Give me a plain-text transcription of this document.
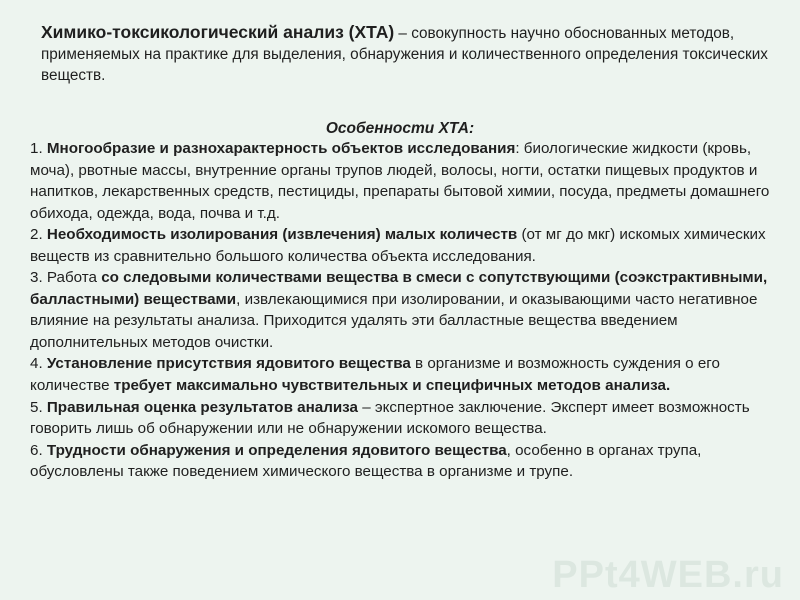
Химико-токсикологический анализ (ХТА) – совокупность научно обоснованных методов, применяемых на практике для выделения, обнаружения и количественного определения токсических веществ.
Особенности ХТА:

1. Многообразие и разнохарактерность объектов исследования: биологические жидкости (кровь, моча), рвотные массы, внутренние органы трупов людей, волосы, ногти, остатки пищевых продуктов и напитков, лекарственных средств, пестициды, препараты бытовой химии, посуда, предметы домашнего обихода, одежда, вода, почва и т.д.

2. Необходимость изолирования (извлечения) малых количеств (от мг до мкг) искомых химических веществ из сравнительно большого количества объекта исследования.

3. Работа со следовыми количествами вещества в смеси с сопутствующими (соэкстрактивными, балластными) веществами, извлекающимися при изолировании, и оказывающими часто негативное влияние на результаты анализа. Приходится удалять эти балластные вещества введением дополнительных методов очистки.

4. Установление присутствия ядовитого вещества в организме и возможность суждения о его количестве требует максимально чувствительных и специфичных методов анализа.

5. Правильная оценка результатов анализа – экспертное заключение. Эксперт имеет возможность говорить лишь об обнаружении или не обнаружении искомого вещества.

6. Трудности обнаружения и определения ядовитого вещества, особенно в органах трупа, обусловлены также поведением химического вещества в организме и трупе.

PPt4WEB.ru
